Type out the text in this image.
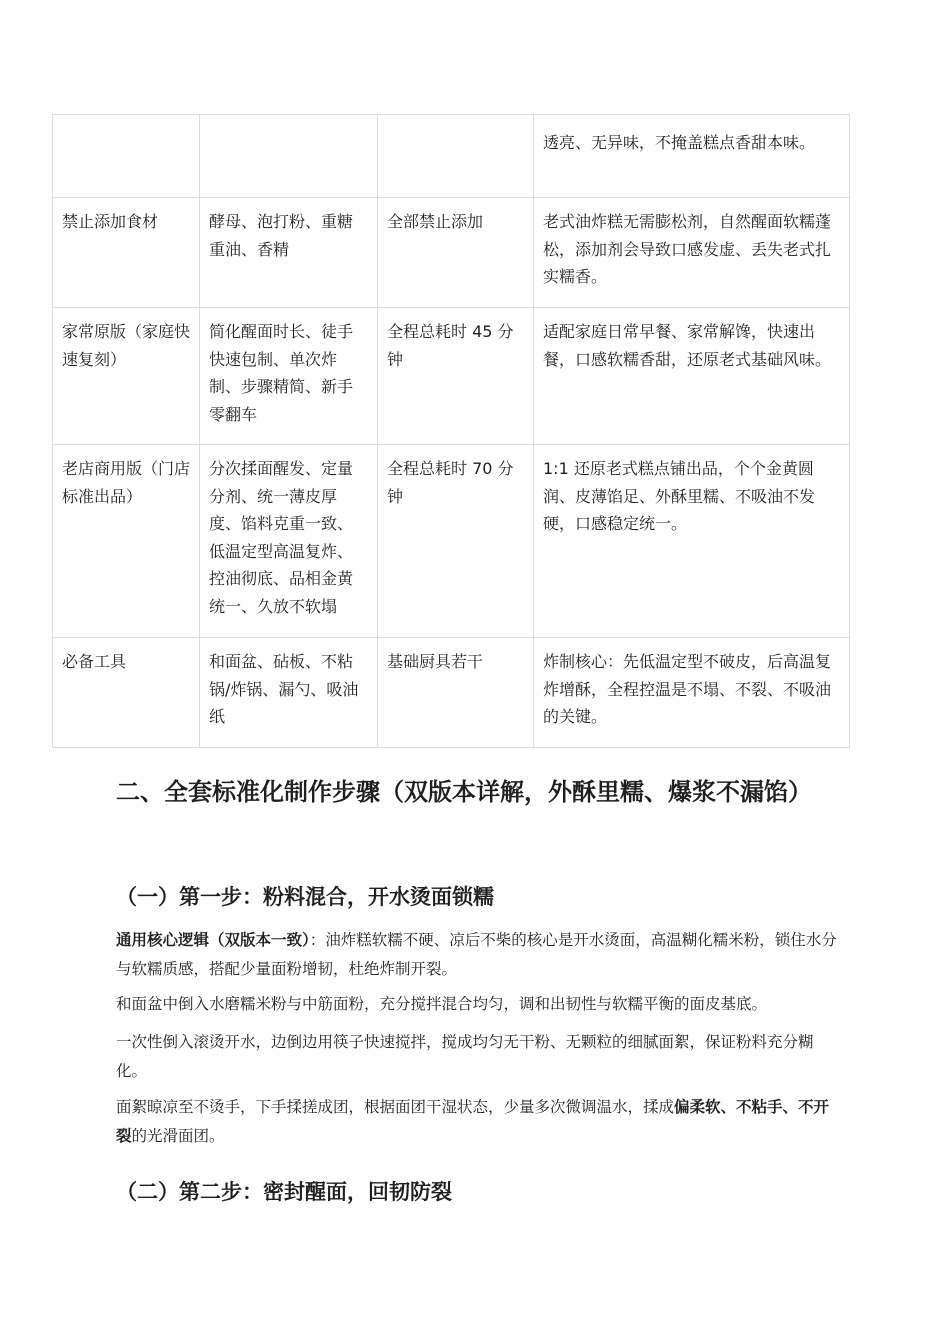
			透亮、无异味，不掩盖糕点香甜本味。
禁止添加食材	酵母、泡打粉、重糖重油、香精	全部禁止添加	老式油炸糕无需膨松剂，自然醒面软糯蓬松，添加剂会导致口感发虚、丢失老式扎实糯香。
家常原版（家庭快速复刻）	简化醒面时长、徒手快速包制、单次炸制、步骤精简、新手零翻车	全程总耗时 45 分钟	适配家庭日常早餐、家常解馋，快速出餐，口感软糯香甜，还原老式基础风味。
老店商用版（门店标准出品）	分次揉面醒发、定量分剂、统一薄皮厚度、馅料克重一致、低温定型高温复炸、控油彻底、品相金黄统一、久放不软塌	全程总耗时 70 分钟	1:1 还原老式糕点铺出品，个个金黄圆润、皮薄馅足、外酥里糯、不吸油不发硬，口感稳定统一。
必备工具	和面盆、砧板、不粘锅/炸锅、漏勺、吸油纸	基础厨具若干	炸制核心：先低温定型不破皮，后高温复炸增酥，全程控温是不塌、不裂、不吸油的关键。
二、全套标准化制作步骤（双版本详解，外酥里糯、爆浆不漏馅）
（一）第一步：粉料混合，开水烫面锁糯

通用核心逻辑（双版本一致）：油炸糕软糯不硬、凉后不柴的核心是开水烫面，高温糊化糯米粉，锁住水分与软糯质感，搭配少量面粉增韧，杜绝炸制开裂。

和面盆中倒入水磨糯米粉与中筋面粉，充分搅拌混合均匀，调和出韧性与软糯平衡的面皮基底。

一次性倒入滚烫开水，边倒边用筷子快速搅拌，搅成均匀无干粉、无颗粒的细腻面絮，保证粉料充分糊化。

面絮晾凉至不烫手，下手揉搓成团，根据面团干湿状态，少量多次微调温水，揉成偏柔软、不粘手、不开裂的光滑面团。

（二）第二步：密封醒面，回韧防裂
